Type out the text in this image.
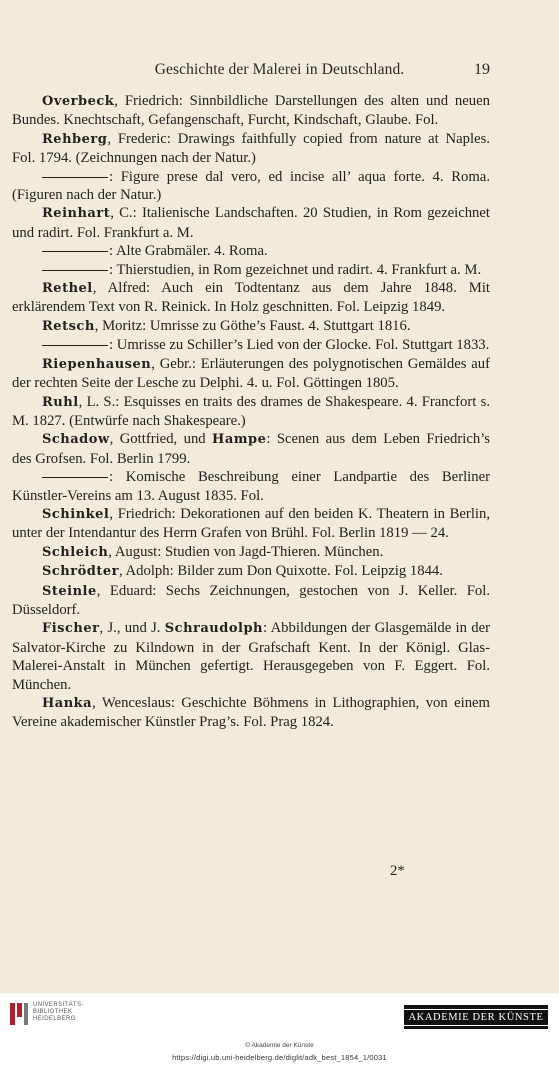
Geschichte der Malerei in Deutschland.	19

Overbeck, Friedrich: Sinnbildliche Darstellungen des alten und neuen Bundes. Knechtschaft, Gefangenschaft, Furcht, Kindschaft, Glaube. Fol.

Rehberg, Frederic: Drawings faithfully copied from nature at Naples. Fol. 1794. (Zeichnungen nach der Natur.)

: Figure prese dal vero, ed incise all’ aqua forte. 4. Roma. (Figuren nach der Natur.)

Reinhart, C.: Italienische Landschaften. 20 Studien, in Rom gezeichnet und radirt. Fol. Frankfurt a. M.

: Alte Grabmäler. 4. Roma.

: Thierstudien, in Rom gezeichnet und radirt. 4. Frankfurt a. M.

Rethel, Alfred: Auch ein Todtentanz aus dem Jahre 1848. Mit erklärendem Text von R. Reinick. In Holz geschnitten. Fol. Leipzig 1849.

Retsch, Moritz: Umrisse zu Göthe’s Faust. 4. Stuttgart 1816.

: Umrisse zu Schiller’s Lied von der Glocke. Fol. Stuttgart 1833.

Riepenhausen, Gebr.: Erläuterungen des polygnotischen Gemäldes auf der rechten Seite der Lesche zu Delphi. 4. u. Fol. Göttingen 1805.

Ruhl, L. S.: Esquisses en traits des drames de Shakespeare. 4. Francfort s. M. 1827. (Entwürfe nach Shakespeare.)

Schadow, Gottfried, und Hampe: Scenen aus dem Leben Friedrich’s des Grofsen. Fol. Berlin 1799.

: Komische Beschreibung einer Landpartie des Berliner Künstler-Vereins am 13. August 1835. Fol.

Schinkel, Friedrich: Dekorationen auf den beiden K. Theatern in Berlin, unter der Intendantur des Herrn Grafen von Brühl. Fol. Berlin 1819 — 24.

Schleich, August: Studien von Jagd-Thieren. München.

Schrödter, Adolph: Bilder zum Don Quixotte. Fol. Leipzig 1844.

Steinle, Eduard: Sechs Zeichnungen, gestochen von J. Keller. Fol. Düsseldorf.

Fischer, J., und J. Schraudolph: Abbildungen der Glasgemälde in der Salvator-Kirche zu Kilndown in der Grafschaft Kent. In der Königl. Glas-Malerei-Anstalt in München gefertigt. Herausgegeben von F. Eggert. Fol. München.

Hanka, Wenceslaus: Geschichte Böhmens in Lithographien, von einem Vereine akademischer Künstler Prag’s. Fol. Prag 1824.

2*
UNIVERSITÄTS-
BIBLIOTHEK
HEIDELBERG	AKADEMIE DER KÜNSTE
© Akademie der Künste
https://digi.ub.uni-heidelberg.de/diglit/adk_best_1854_1/0031
